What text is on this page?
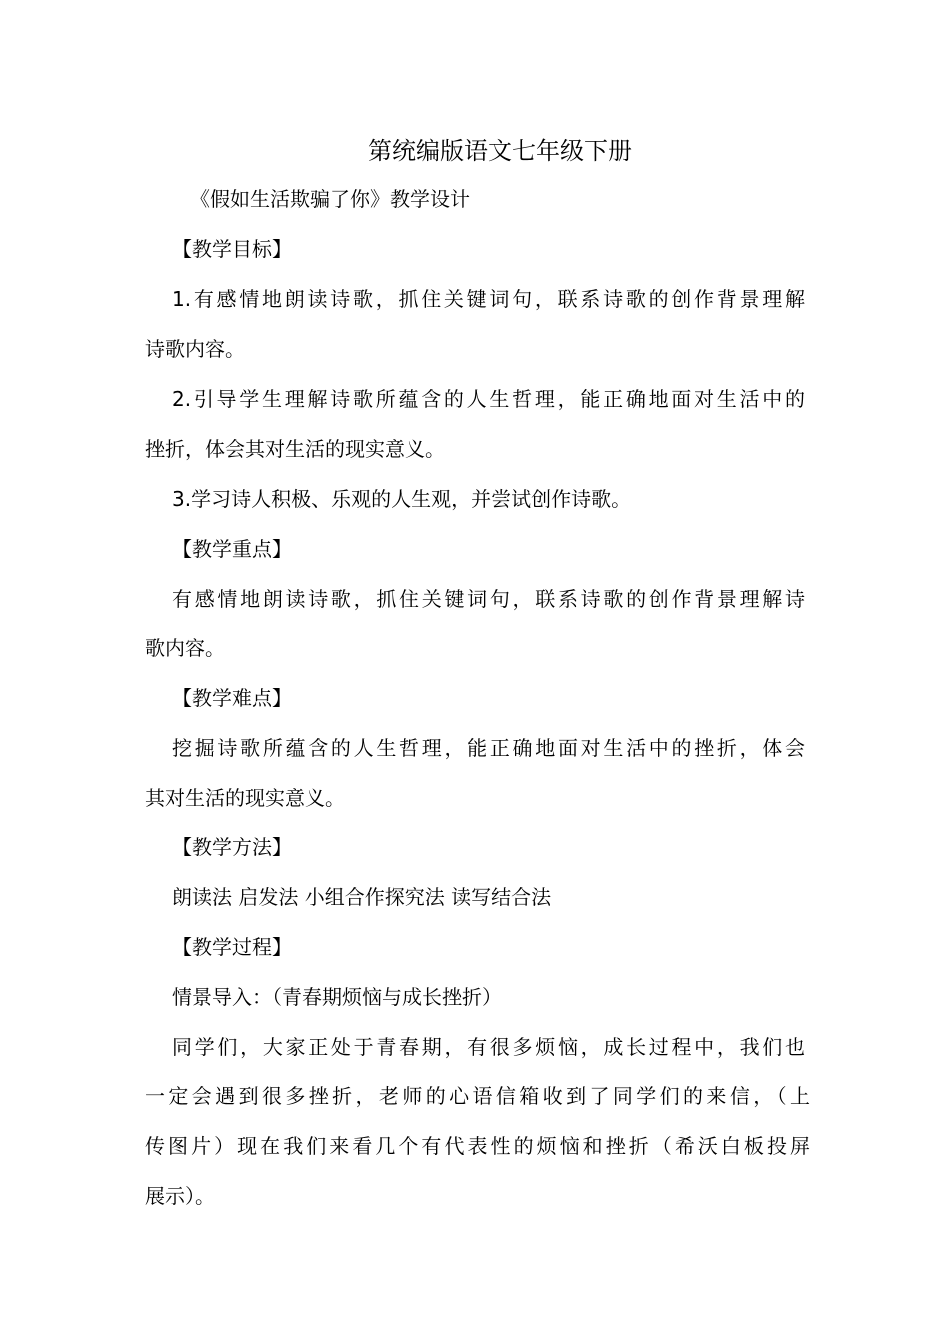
第统编版语文七年级下册

《假如生活欺骗了你》教学设计

【教学目标】

1.有感情地朗读诗歌，抓住关键词句，联系诗歌的创作背景理解

诗歌内容。

2.引导学生理解诗歌所蕴含的人生哲理，能正确地面对生活中的

挫折，体会其对生活的现实意义。

3.学习诗人积极、乐观的人生观，并尝试创作诗歌。

【教学重点】

有感情地朗读诗歌，抓住关键词句，联系诗歌的创作背景理解诗

歌内容。

【教学难点】

挖掘诗歌所蕴含的人生哲理，能正确地面对生活中的挫折，体会

其对生活的现实意义。

【教学方法】

朗读法 启发法 小组合作探究法 读写结合法

【教学过程】

情景导入：（青春期烦恼与成长挫折）

同学们，大家正处于青春期，有很多烦恼，成长过程中，我们也

一定会遇到很多挫折，老师的心语信箱收到了同学们的来信，（上

传图片）现在我们来看几个有代表性的烦恼和挫折（希沃白板投屏

展示）。
